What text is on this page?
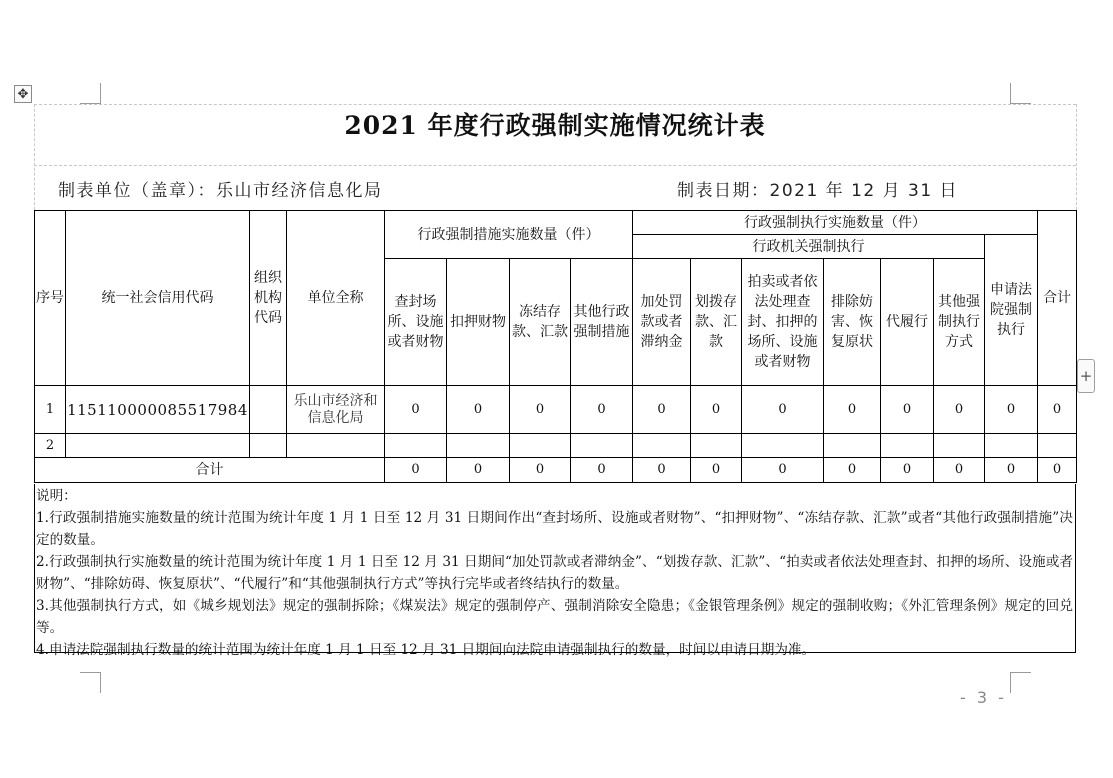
✥
2021 年度行政强制实施情况统计表
制表单位（盖章）：乐山市经济信息化局	制表日期：2021 年 12 月 31 日
序号	统一社会信用代码	组织机构代码	单位全称	行政强制措施实施数量（件）				行政强制执行实施数量（件）							合计
								行政机关强制执行						申请法院强制执行	
				查封场所、设施或者财物	扣押财物	冻结存款、汇款	其他行政强制措施	加处罚款或者滞纳金	划拨存款、汇款	拍卖或者依法处理查封、扣押的场所、设施或者财物	排除妨害、恢复原状	代履行	其他强制执行方式		
1	115110000085517984		乐山市经济和信息化局	0	0	0	0	0	0	0	0	0	0	0	0
2															
合计				0	0	0	0	0	0	0	0	0	0	0	0
说明：
1.行政强制措施实施数量的统计范围为统计年度 1 月 1 日至 12 月 31 日期间作出“查封场所、设施或者财物”、“扣押财物”、“冻结存款、汇款”或者“其他行政强制措施”决定的数量。
2.行政强制执行实施数量的统计范围为统计年度 1 月 1 日至 12 月 31 日期间“加处罚款或者滞纳金”、“划拨存款、汇款”、“拍卖或者依法处理查封、扣押的场所、设施或者财物”、“排除妨碍、恢复原状”、“代履行”和“其他强制执行方式”等执行完毕或者终结执行的数量。
3.其他强制执行方式，如《城乡规划法》规定的强制拆除；《煤炭法》规定的强制停产、强制消除安全隐患；《金银管理条例》规定的强制收购；《外汇管理条例》规定的回兑等。
4.申请法院强制执行数量的统计范围为统计年度 1 月 1 日至 12 月 31 日期间向法院申请强制执行的数量，时间以申请日期为准。
+
- 3 -
